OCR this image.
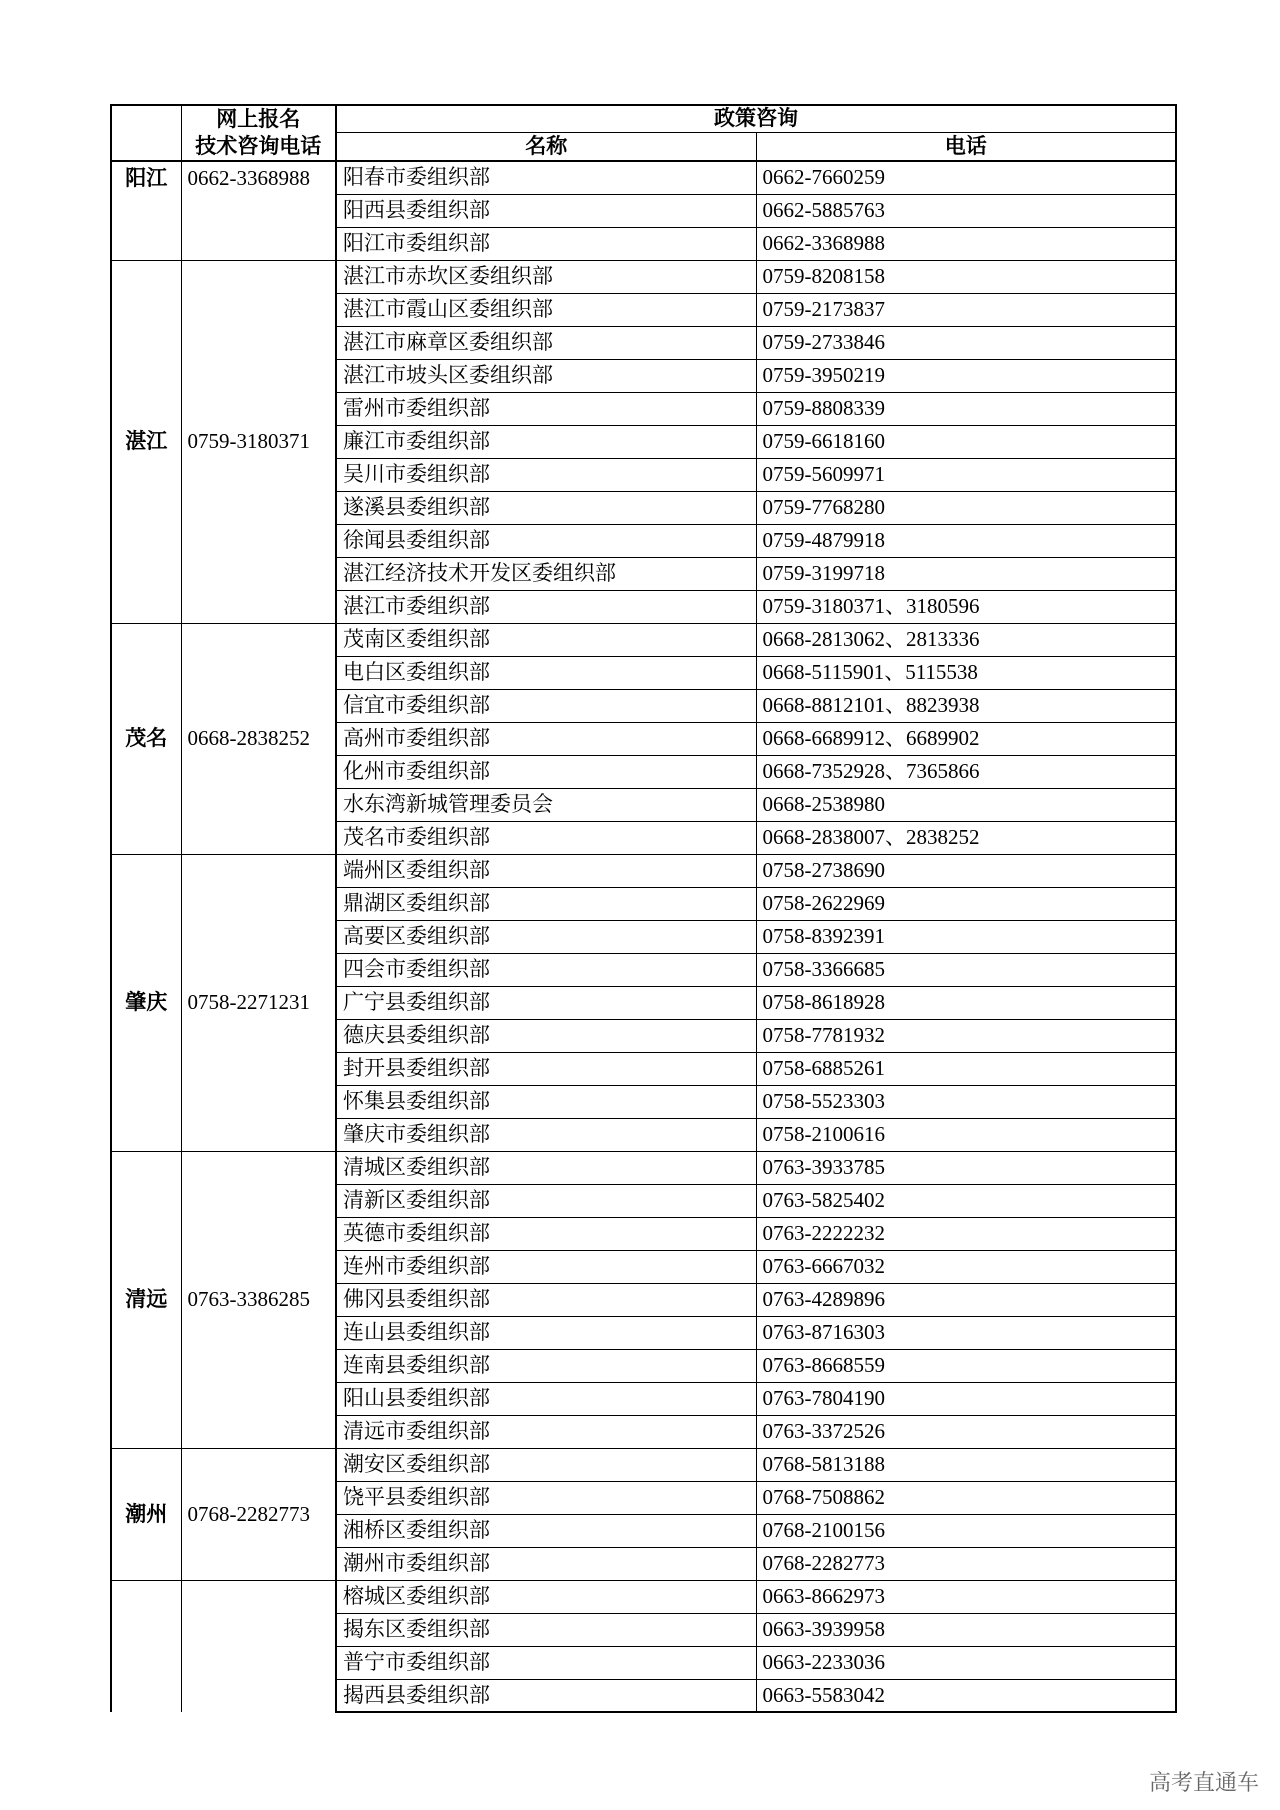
	网上报名
技术咨询电话	政策咨询	
		名称	电话
阳江	0662-3368988	阳春市委组织部	0662-7660259
		阳西县委组织部	0662-5885763
		阳江市委组织部	0662-3368988
湛江	0759-3180371	湛江市赤坎区委组织部	0759-8208158
		湛江市霞山区委组织部	0759-2173837
		湛江市麻章区委组织部	0759-2733846
		湛江市坡头区委组织部	0759-3950219
		雷州市委组织部	0759-8808339
		廉江市委组织部	0759-6618160
		吴川市委组织部	0759-5609971
		遂溪县委组织部	0759-7768280
		徐闻县委组织部	0759-4879918
		湛江经济技术开发区委组织部	0759-3199718
		湛江市委组织部	0759-3180371、3180596
茂名	0668-2838252	茂南区委组织部	0668-2813062、2813336
		电白区委组织部	0668-5115901、5115538
		信宜市委组织部	0668-8812101、8823938
		高州市委组织部	0668-6689912、6689902
		化州市委组织部	0668-7352928、7365866
		水东湾新城管理委员会	0668-2538980
		茂名市委组织部	0668-2838007、2838252
肇庆	0758-2271231	端州区委组织部	0758-2738690
		鼎湖区委组织部	0758-2622969
		高要区委组织部	0758-8392391
		四会市委组织部	0758-3366685
		广宁县委组织部	0758-8618928
		德庆县委组织部	0758-7781932
		封开县委组织部	0758-6885261
		怀集县委组织部	0758-5523303
		肇庆市委组织部	0758-2100616
清远	0763-3386285	清城区委组织部	0763-3933785
		清新区委组织部	0763-5825402
		英德市委组织部	0763-2222232
		连州市委组织部	0763-6667032
		佛冈县委组织部	0763-4289896
		连山县委组织部	0763-8716303
		连南县委组织部	0763-8668559
		阳山县委组织部	0763-7804190
		清远市委组织部	0763-3372526
潮州	0768-2282773	潮安区委组织部	0768-5813188
		饶平县委组织部	0768-7508862
		湘桥区委组织部	0768-2100156
		潮州市委组织部	0768-2282773
		榕城区委组织部	0663-8662973
		揭东区委组织部	0663-3939958
		普宁市委组织部	0663-2233036
		揭西县委组织部	0663-5583042
高考直通车
